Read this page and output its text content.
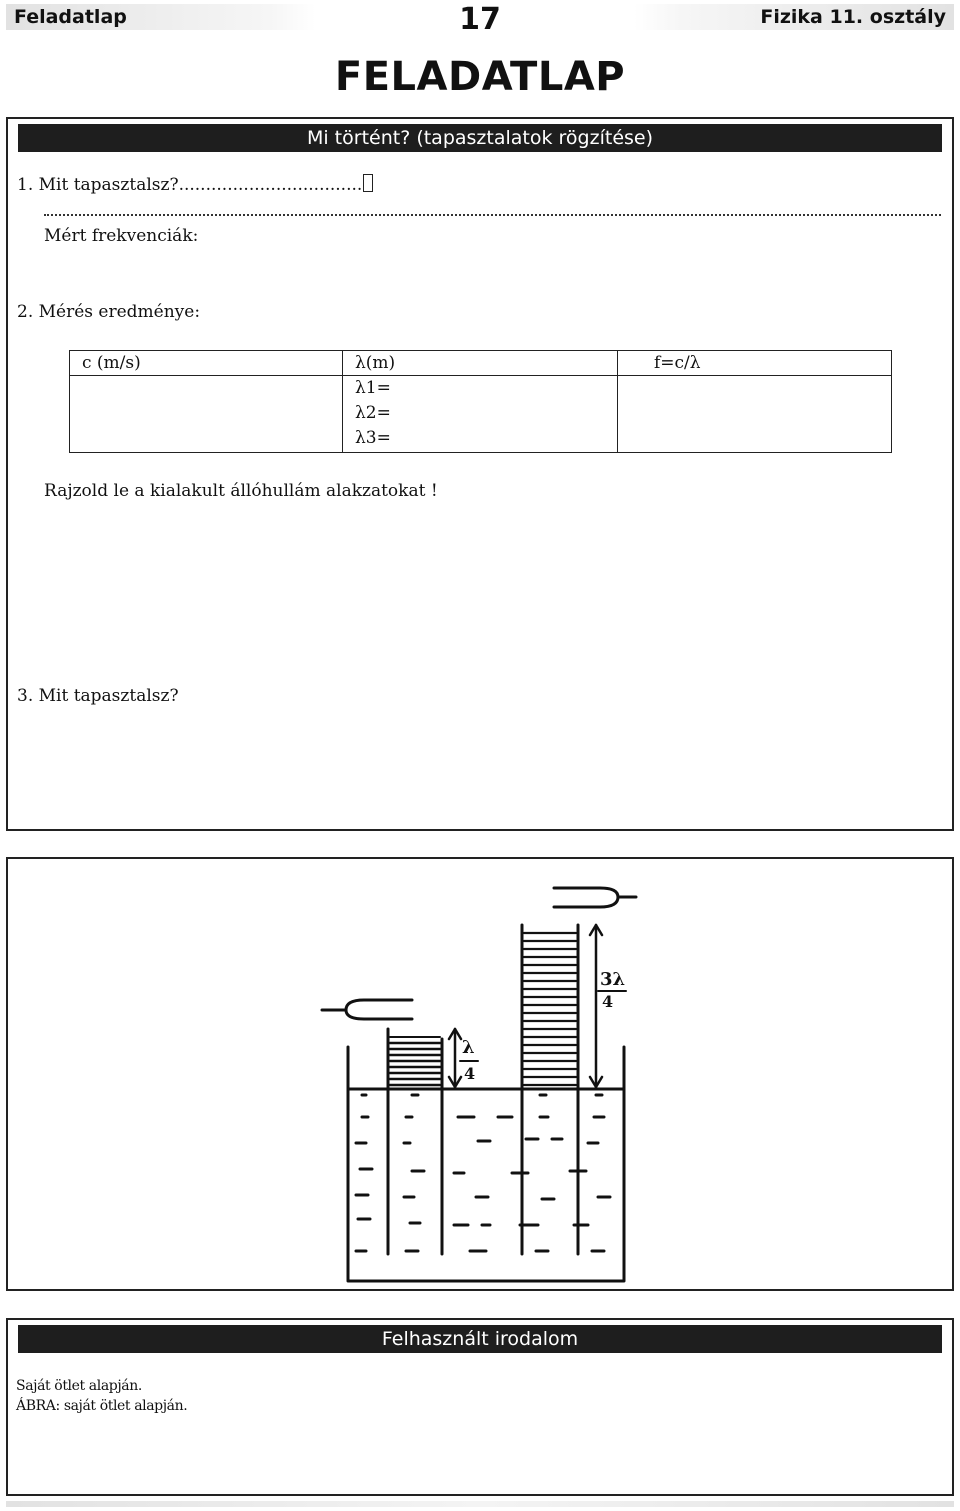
Feladatlap	17	Fizika 11. osztály
FELADATLAP
Mi történt? (tapasztalatok rögzítése)
1. Mit tapasztalsz?..................................
Mért frekvenciák:
2. Mérés eredménye:
c (m/s)	λ(m)	f=c/λ

	λ1=
λ2=
λ3=	

Rajzold le a kialakult állóhullám alakzatokat !
3. Mit tapasztalsz?
λ
4
3λ
4
Felhasznált irodalom
Saját ötlet alapján.
ÁBRA: saját ötlet alapján.
